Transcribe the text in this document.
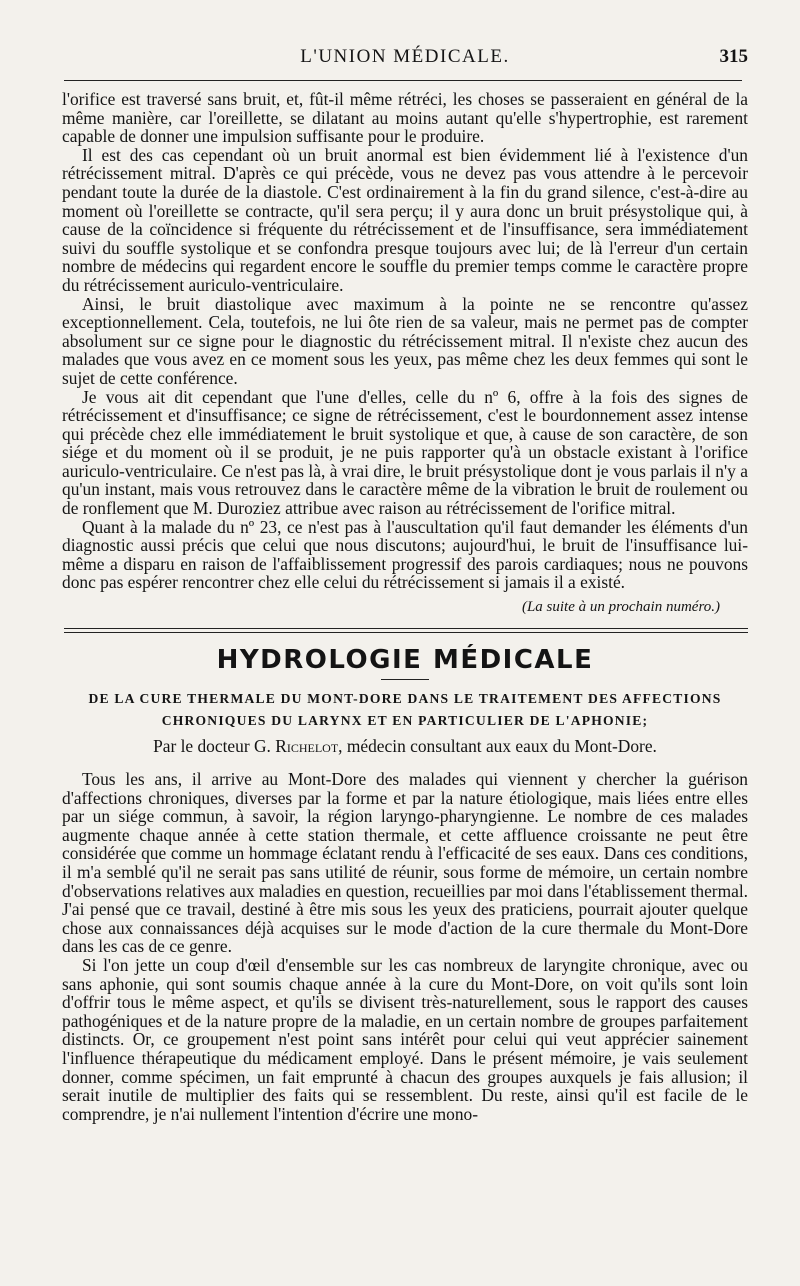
L'UNION MÉDICALE.	315

l'orifice est traversé sans bruit, et, fût-il même rétréci, les choses se passeraient en général de la même manière, car l'oreillette, se dilatant au moins autant qu'elle s'hypertrophie, est rarement capable de donner une impulsion suffisante pour le produire.

Il est des cas cependant où un bruit anormal est bien évidemment lié à l'existence d'un rétrécissement mitral. D'après ce qui précède, vous ne devez pas vous attendre à le percevoir pendant toute la durée de la diastole. C'est ordinairement à la fin du grand silence, c'est-à-dire au moment où l'oreillette se contracte, qu'il sera perçu; il y aura donc un bruit présystolique qui, à cause de la coïncidence si fréquente du rétrécissement et de l'insuffisance, sera immédiatement suivi du souffle systolique et se confondra presque toujours avec lui; de là l'erreur d'un certain nombre de médecins qui regardent encore le souffle du premier temps comme le caractère propre du rétrécissement auriculo-ventriculaire.

Ainsi, le bruit diastolique avec maximum à la pointe ne se rencontre qu'assez exceptionnellement. Cela, toutefois, ne lui ôte rien de sa valeur, mais ne permet pas de compter absolument sur ce signe pour le diagnostic du rétrécissement mitral. Il n'existe chez aucun des malades que vous avez en ce moment sous les yeux, pas même chez les deux femmes qui sont le sujet de cette conférence.

Je vous ait dit cependant que l'une d'elles, celle du nº 6, offre à la fois des signes de rétrécissement et d'insuffisance; ce signe de rétrécissement, c'est le bourdonnement assez intense qui précède chez elle immédiatement le bruit systolique et que, à cause de son caractère, de son siége et du moment où il se produit, je ne puis rapporter qu'à un obstacle existant à l'orifice auriculo-ventriculaire. Ce n'est pas là, à vrai dire, le bruit présystolique dont je vous parlais il n'y a qu'un instant, mais vous retrouvez dans le caractère même de la vibration le bruit de roulement ou de ronflement que M. Duroziez attribue avec raison au rétrécissement de l'orifice mitral.

Quant à la malade du nº 23, ce n'est pas à l'auscultation qu'il faut demander les éléments d'un diagnostic aussi précis que celui que nous discutons; aujourd'hui, le bruit de l'insuffisance lui-même a disparu en raison de l'affaiblissement progressif des parois cardiaques; nous ne pouvons donc pas espérer rencontrer chez elle celui du rétrécissement si jamais il a existé.

(La suite à un prochain numéro.)
HYDROLOGIE MÉDICALE
DE LA CURE THERMALE DU MONT-DORE DANS LE TRAITEMENT DES AFFECTIONS
CHRONIQUES DU LARYNX ET EN PARTICULIER DE L'APHONIE;
Par le docteur G. Richelot, médecin consultant aux eaux du Mont-Dore.

Tous les ans, il arrive au Mont-Dore des malades qui viennent y chercher la guérison d'affections chroniques, diverses par la forme et par la nature étiologique, mais liées entre elles par un siége commun, à savoir, la région laryngo-pharyngienne. Le nombre de ces malades augmente chaque année à cette station thermale, et cette affluence croissante ne peut être considérée que comme un hommage éclatant rendu à l'efficacité de ses eaux. Dans ces conditions, il m'a semblé qu'il ne serait pas sans utilité de réunir, sous forme de mémoire, un certain nombre d'observations relatives aux maladies en question, recueillies par moi dans l'établissement thermal. J'ai pensé que ce travail, destiné à être mis sous les yeux des praticiens, pourrait ajouter quelque chose aux connaissances déjà acquises sur le mode d'action de la cure thermale du Mont-Dore dans les cas de ce genre.

Si l'on jette un coup d'œil d'ensemble sur les cas nombreux de laryngite chronique, avec ou sans aphonie, qui sont soumis chaque année à la cure du Mont-Dore, on voit qu'ils sont loin d'offrir tous le même aspect, et qu'ils se divisent très-naturellement, sous le rapport des causes pathogéniques et de la nature propre de la maladie, en un certain nombre de groupes parfaitement distincts. Or, ce groupement n'est point sans intérêt pour celui qui veut apprécier sainement l'influence thérapeutique du médicament employé. Dans le présent mémoire, je vais seulement donner, comme spécimen, un fait emprunté à chacun des groupes auxquels je fais allusion; il serait inutile de multiplier des faits qui se ressemblent. Du reste, ainsi qu'il est facile de le comprendre, je n'ai nullement l'intention d'écrire une mono-
